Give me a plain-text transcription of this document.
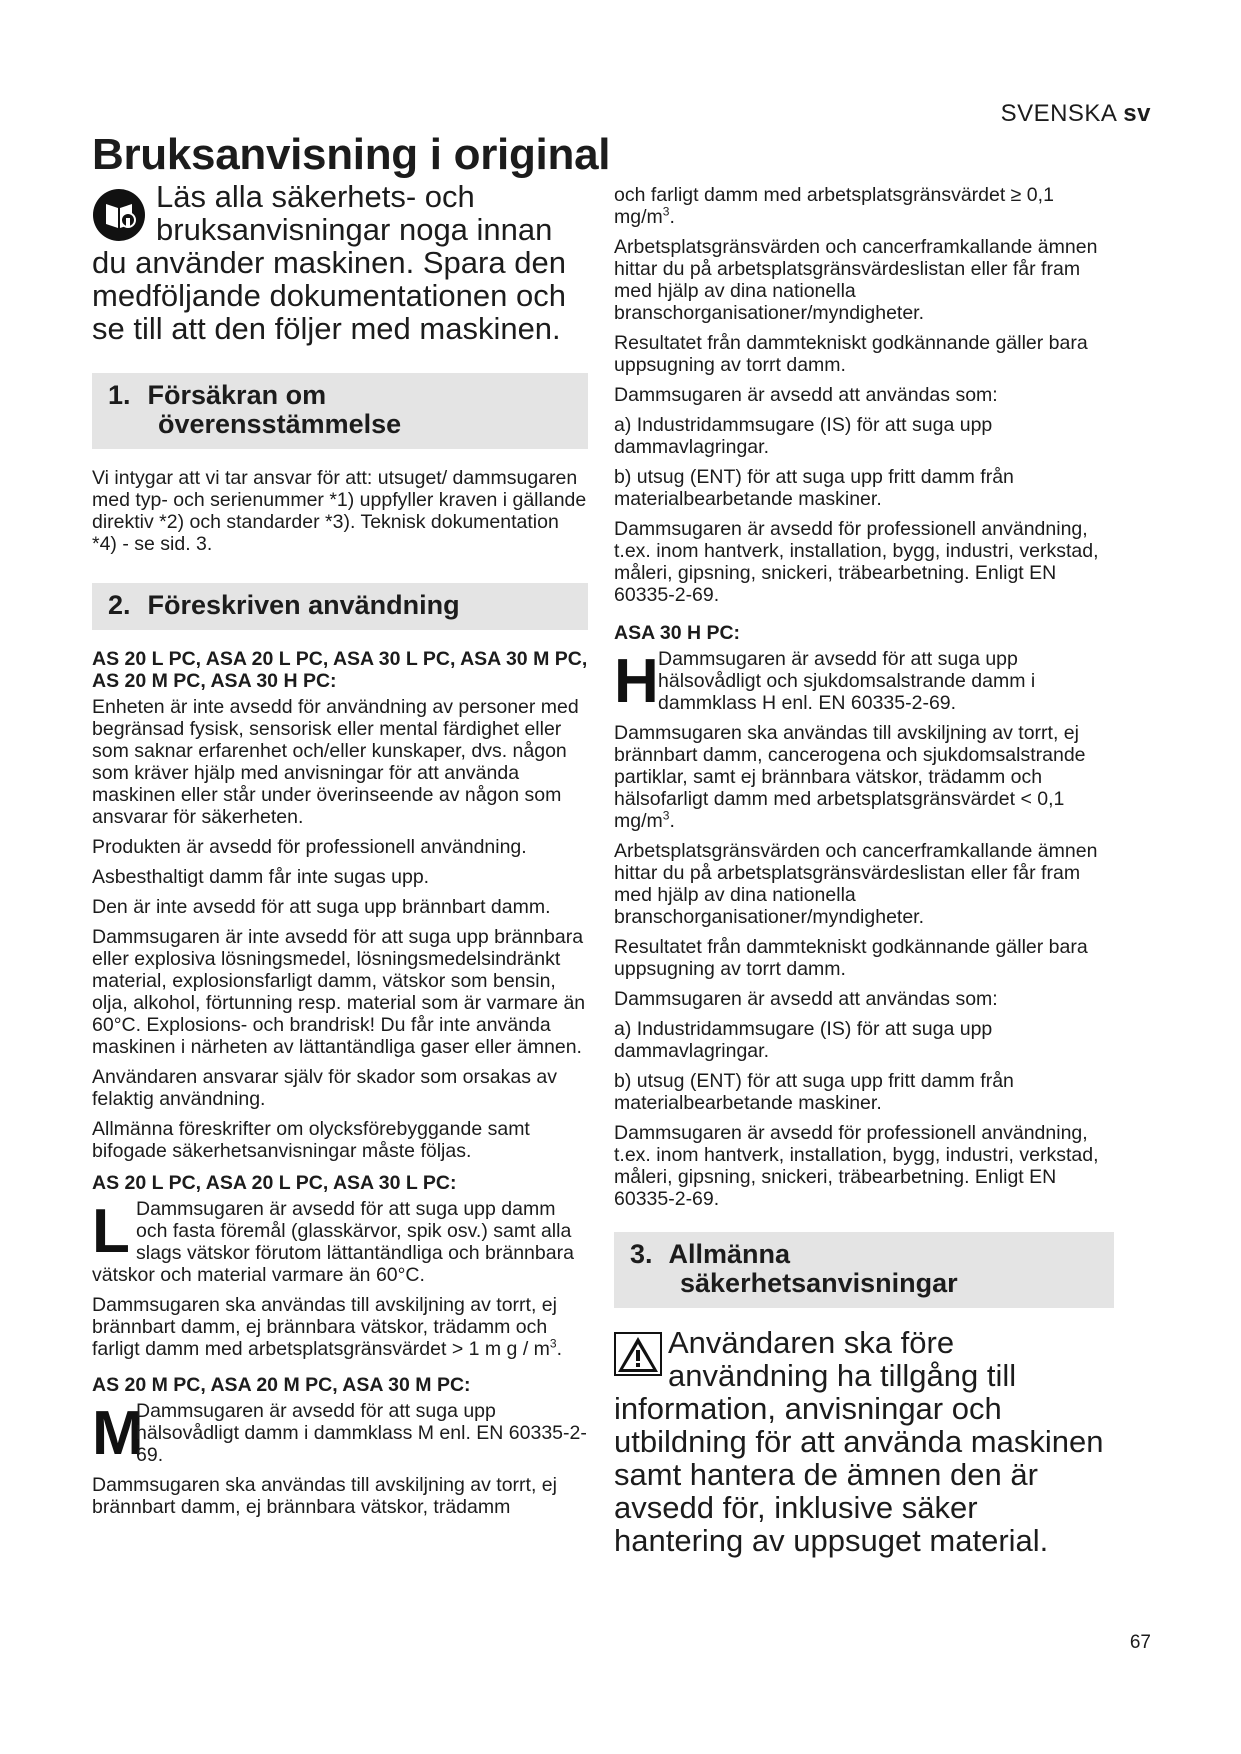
SVENSKA sv
Bruksanvisning i original
Läs alla säkerhets- och bruksanvisningar noga innan du använder maskinen. Spara den medföljande dokumentationen och se till att den följer med maskinen.
1. Försäkran om
överensstämmelse

Vi intygar att vi tar ansvar för att: utsuget/ dammsugaren med typ- och serienummer *1) uppfyller kraven i gällande direktiv *2) och standarder *3). Teknisk dokumentation *4) - se sid. 3.

2. Föreskriven användning
AS 20 L PC, ASA 20 L PC, ASA 30 L PC, ASA 30 M PC, AS 20 M PC, ASA 30 H PC:

Enheten är inte avsedd för användning av personer med begränsad fysisk, sensorisk eller mental färdighet eller som saknar erfarenhet och/eller kunskaper, dvs. någon som kräver hjälp med anvisningar för att använda maskinen eller står under överinseende av någon som ansvarar för säkerheten.

Produkten är avsedd för professionell användning.

Asbesthaltigt damm får inte sugas upp.

Den är inte avsedd för att suga upp brännbart damm.

Dammsugaren är inte avsedd för att suga upp brännbara eller explosiva lösningsmedel, lösningsmedelsindränkt material, explosionsfarligt damm, vätskor som bensin, olja, alkohol, förtunning resp. material som är varmare än 60°C. Explosions- och brandrisk! Du får inte använda maskinen i närheten av lättantändliga gaser eller ämnen.

Användaren ansvarar själv för skador som orsakas av felaktig användning.

Allmänna föreskrifter om olycksförebyggande samt bifogade säkerhetsanvisningar måste följas.

AS 20 L PC, ASA 20 L PC, ASA 30 L PC:
L Dammsugaren är avsedd för att suga upp damm och fasta föremål (glasskärvor, spik osv.) samt alla slags vätskor förutom lättantändliga och brännbara vätskor och material varmare än 60°C.

Dammsugaren ska användas till avskiljning av torrt, ej brännbart damm, ej brännbara vätskor, trädamm och farligt damm med arbetsplatsgränsvärdet > 1 m g / $m^3$.

AS 20 M PC, ASA 20 M PC, ASA 30 M PC:
M

Dammsugaren är avsedd för att suga upp hälsovådligt damm i dammklass M enl. EN 60335-2-69.

Dammsugaren ska användas till avskiljning av torrt, ej brännbart damm, ej brännbara vätskor, trädamm

och farligt damm med arbetsplatsgränsvärdet ≥ 0,1 $mg/m^3$.

Arbetsplatsgränsvärden och cancerframkallande ämnen hittar du på arbetsplatsgränsvärdeslistan eller får fram med hjälp av dina nationella branschorganisationer/myndigheter.

Resultatet från dammtekniskt godkännande gäller bara uppsugning av torrt damm.

Dammsugaren är avsedd att användas som:

a) Industridammsugare (IS) för att suga upp dammavlagringar.

b) utsug (ENT) för att suga upp fritt damm från materialbearbetande maskiner.

Dammsugaren är avsedd för professionell användning, t.ex. inom hantverk, installation, bygg, industri, verkstad, måleri, gipsning, snickeri, träbearbetning. Enligt EN 60335-2-69.

ASA 30 H PC:
H Dammsugaren är avsedd för att suga upp hälsovådligt och sjukdomsalstrande damm i dammklass H enl. EN 60335-2-69.

Dammsugaren ska användas till avskiljning av torrt, ej brännbart damm, cancerogena och sjukdomsalstrande partiklar, samt ej brännbara vätskor, trädamm och hälsofarligt damm med arbetsplatsgränsvärdet < 0,1 $mg/m^3$.

Arbetsplatsgränsvärden och cancerframkallande ämnen hittar du på arbetsplatsgränsvärdeslistan eller får fram med hjälp av dina nationella branschorganisationer/myndigheter.

Resultatet från dammtekniskt godkännande gäller bara uppsugning av torrt damm.

Dammsugaren är avsedd att användas som:

a) Industridammsugare (IS) för att suga upp dammavlagringar.

b) utsug (ENT) för att suga upp fritt damm från materialbearbetande maskiner.

Dammsugaren är avsedd för professionell användning, t.ex. inom hantverk, installation, bygg, industri, verkstad, måleri, gipsning, snickeri, träbearbetning. Enligt EN 60335-2-69.

3. Allmänna
säkerhetsanvisningar
Användaren ska före användning ha tillgång till information, anvisningar och utbildning för att använda maskinen samt hantera de ämnen den är avsedd för, inklusive säker hantering av uppsuget material.
67
